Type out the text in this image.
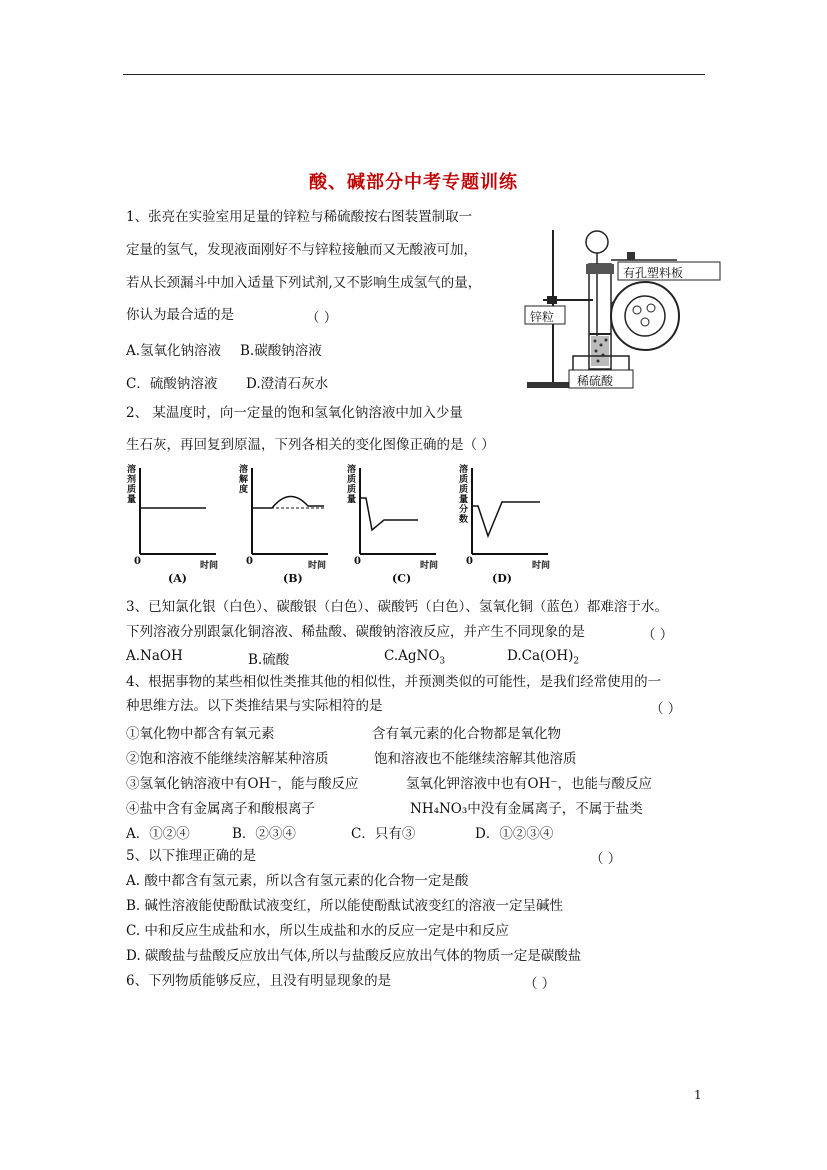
酸、碱部分中考专题训练
1、张亮在实验室用足量的锌粒与稀硫酸按右图装置制取一
定量的氢气，发现液面刚好不与锌粒接触而又无酸液可加，
若从长颈漏斗中加入适量下列试剂,又不影响生成氢气的量，
你认为最合适的是	（ ）
A.氢氧化钠溶液 B.碳酸钠溶液
C．硫酸钠溶液 D.澄清石灰水
有孔塑料板
锌粒
稀硫酸
2、 某温度时，向一定量的饱和氢氧化钠溶液中加入少量
生石灰，再回复到原温，下列各相关的变化图像正确的是（ ）
溶剂质量
溶解度
溶质质量
溶质质量分数
0	0	0	0
时间	时间	时间	时间
(A)	(B)	(C)	(D)
3、已知氯化银（白色）、碳酸银（白色）、碳酸钙（白色）、氢氧化铜（蓝色）都难溶于水。
下列溶液分别跟氯化铜溶液、稀盐酸、碳酸钠溶液反应，并产生不同现象的是	（ ）
A.NaOH	B.硫酸	C.AgNO$_3$	$D.Ca(OH)_2$
4、根据事物的某些相似性类推其他的相似性，并预测类似的可能性，是我们经常使用的一
种思维方法。以下类推结果与实际相符的是	（ ）
①氧化物中都含有氧元素	含有氧元素的化合物都是氧化物
②饱和溶液不能继续溶解某种溶质	饱和溶液也不能继续溶解其他溶质
③氢氧化钠溶液中有OH⁻，能与酸反应	氢氧化钾溶液中也有OH⁻，也能与酸反应
④盐中含有金属离子和酸根离子	NH₄NO₃中没有金属离子，不属于盐类
A．①②④	B．②③④	C．只有③	D．①②③④
5、以下推理正确的是	（ ）
A. 酸中都含有氢元素，所以含有氢元素的化合物一定是酸
B. 碱性溶液能使酚酞试液变红，所以能使酚酞试液变红的溶液一定呈碱性
C. 中和反应生成盐和水，所以生成盐和水的反应一定是中和反应
D. 碳酸盐与盐酸反应放出气体,所以与盐酸反应放出气体的物质一定是碳酸盐
6、下列物质能够反应，且没有明显现象的是	（ ）
1
